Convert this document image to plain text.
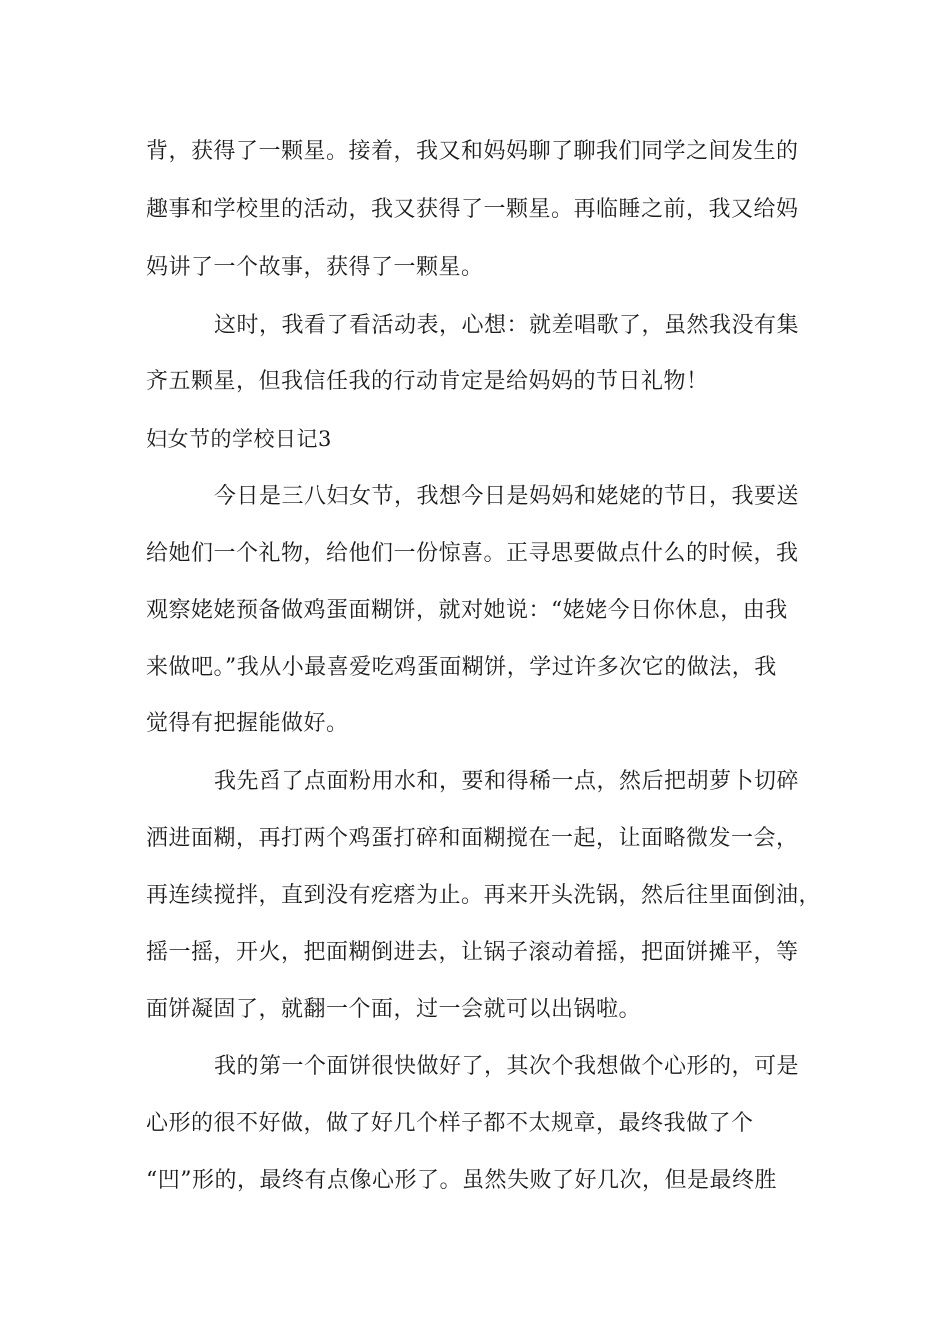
背，获得了一颗星。接着，我又和妈妈聊了聊我们同学之间发生的
趣事和学校里的活动，我又获得了一颗星。再临睡之前，我又给妈
妈讲了一个故事，获得了一颗星。
这时，我看了看活动表，心想：就差唱歌了，虽然我没有集
齐五颗星，但我信任我的行动肯定是给妈妈的节日礼物！
妇女节的学校日记3
今日是三八妇女节，我想今日是妈妈和姥姥的节日，我要送
给她们一个礼物，给他们一份惊喜。正寻思要做点什么的时候，我
观察姥姥预备做鸡蛋面糊饼，就对她说：“姥姥今日你休息，由我
来做吧。”我从小最喜爱吃鸡蛋面糊饼，学过许多次它的做法，我
觉得有把握能做好。
我先舀了点面粉用水和，要和得稀一点，然后把胡萝卜切碎
洒进面糊，再打两个鸡蛋打碎和面糊搅在一起，让面略微发一会，
再连续搅拌，直到没有疙瘩为止。再来开头洗锅，然后往里面倒油，
摇一摇，开火，把面糊倒进去，让锅子滚动着摇，把面饼摊平，等
面饼凝固了，就翻一个面，过一会就可以出锅啦。
我的第一个面饼很快做好了，其次个我想做个心形的，可是
心形的很不好做，做了好几个样子都不太规章，最终我做了个
“凹”形的，最终有点像心形了。虽然失败了好几次，但是最终胜
